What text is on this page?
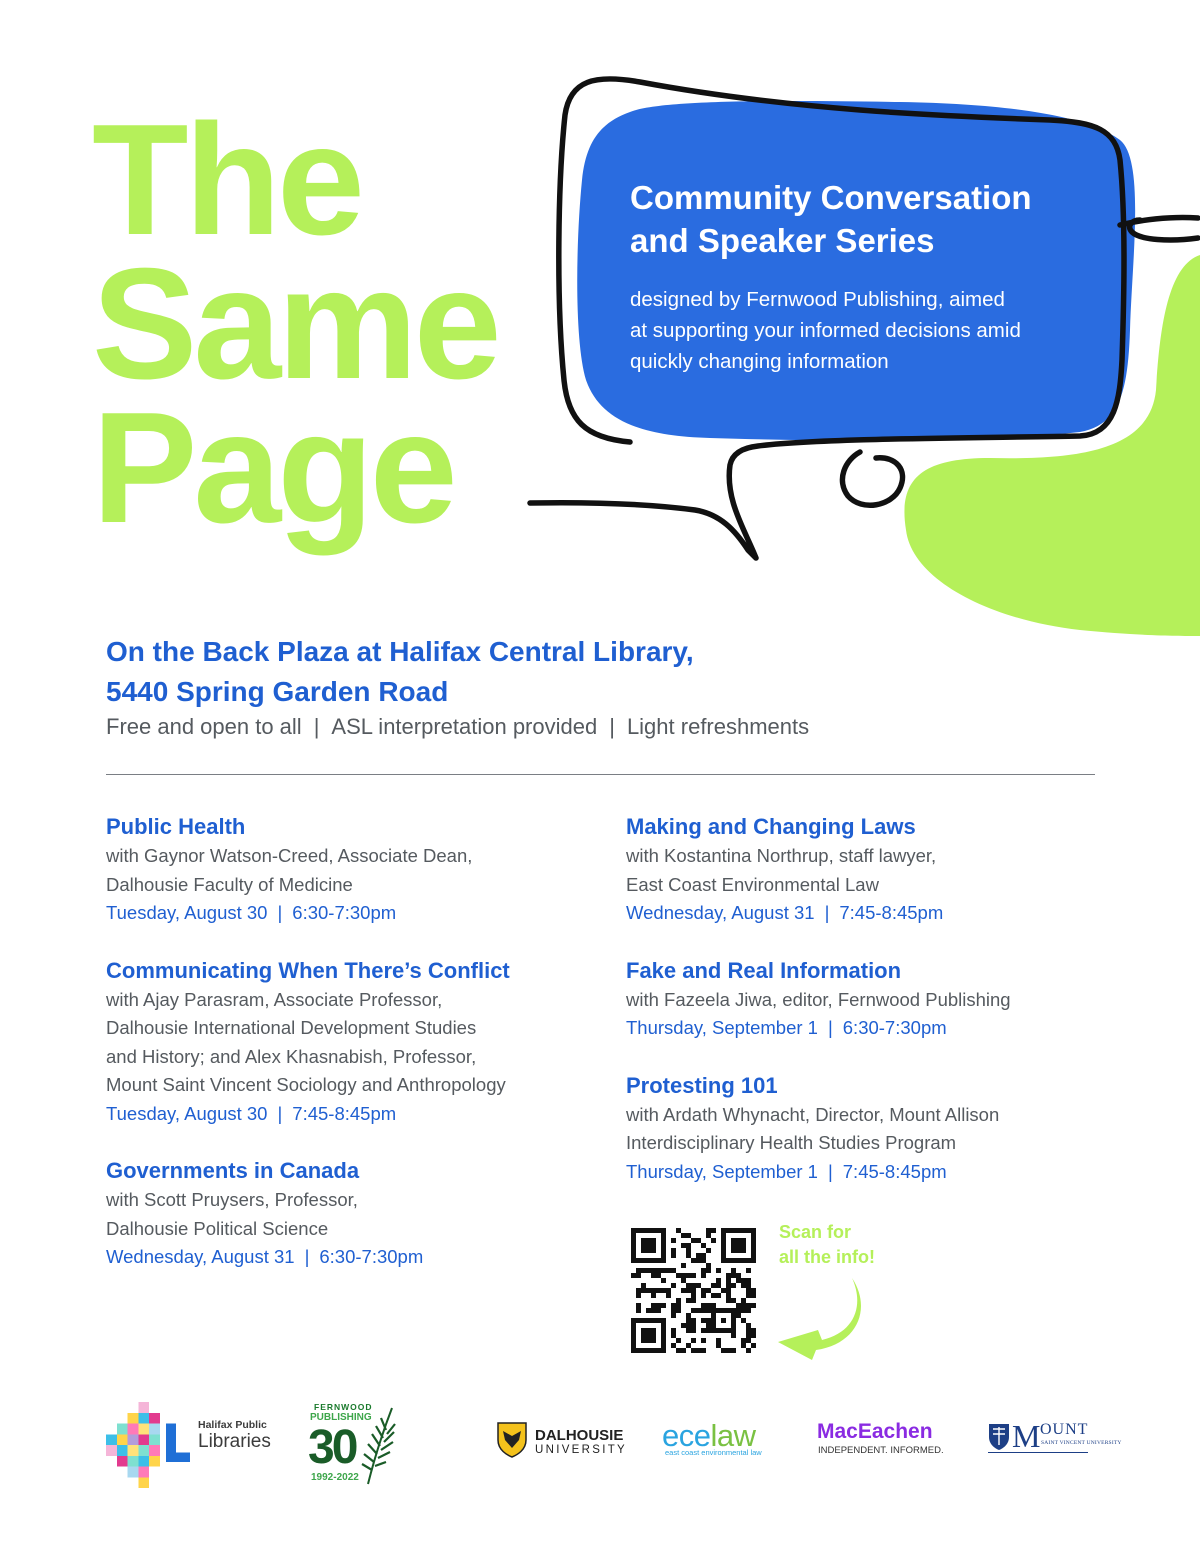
The
Same
Page
Community Conversation
and Speaker Series

designed by Fernwood Publishing, aimed
at supporting your informed decisions amid
quickly changing information

On the Back Plaza at Halifax Central Library,
5440 Spring Garden Road
Free and open to all | ASL interpretation provided | Light refreshments
Public Health
with Gaynor Watson-Creed, Associate Dean,
Dalhousie Faculty of Medicine
Tuesday, August 30 | 6:30-7:30pm
Communicating When There’s Conflict
with Ajay Parasram, Associate Professor,
Dalhousie International Development Studies
and History; and Alex Khasnabish, Professor,
Mount Saint Vincent Sociology and Anthropology
Tuesday, August 30 | 7:45-8:45pm
Governments in Canada
with Scott Pruysers, Professor,
Dalhousie Political Science
Wednesday, August 31 | 6:30-7:30pm
Making and Changing Laws
with Kostantina Northrup, staff lawyer,
East Coast Environmental Law
Wednesday, August 31 | 7:45-8:45pm
Fake and Real Information
with Fazeela Jiwa, editor, Fernwood Publishing
Thursday, September 1 | 6:30-7:30pm
Protesting 101
with Ardath Whynacht, Director, Mount Allison
Interdisciplinary Health Studies Program
Thursday, September 1 | 7:45-8:45pm
Scan for
all the info!
Halifax Public
Libraries
FERNWOOD
PUBLISHING
30
1992-2022
DALHOUSIE
UNIVERSITY ecelaw
east coast environmental law
MacEachen
INDEPENDENT. INFORMED. M OUNT
SAINT VINCENT UNIVERSITY
